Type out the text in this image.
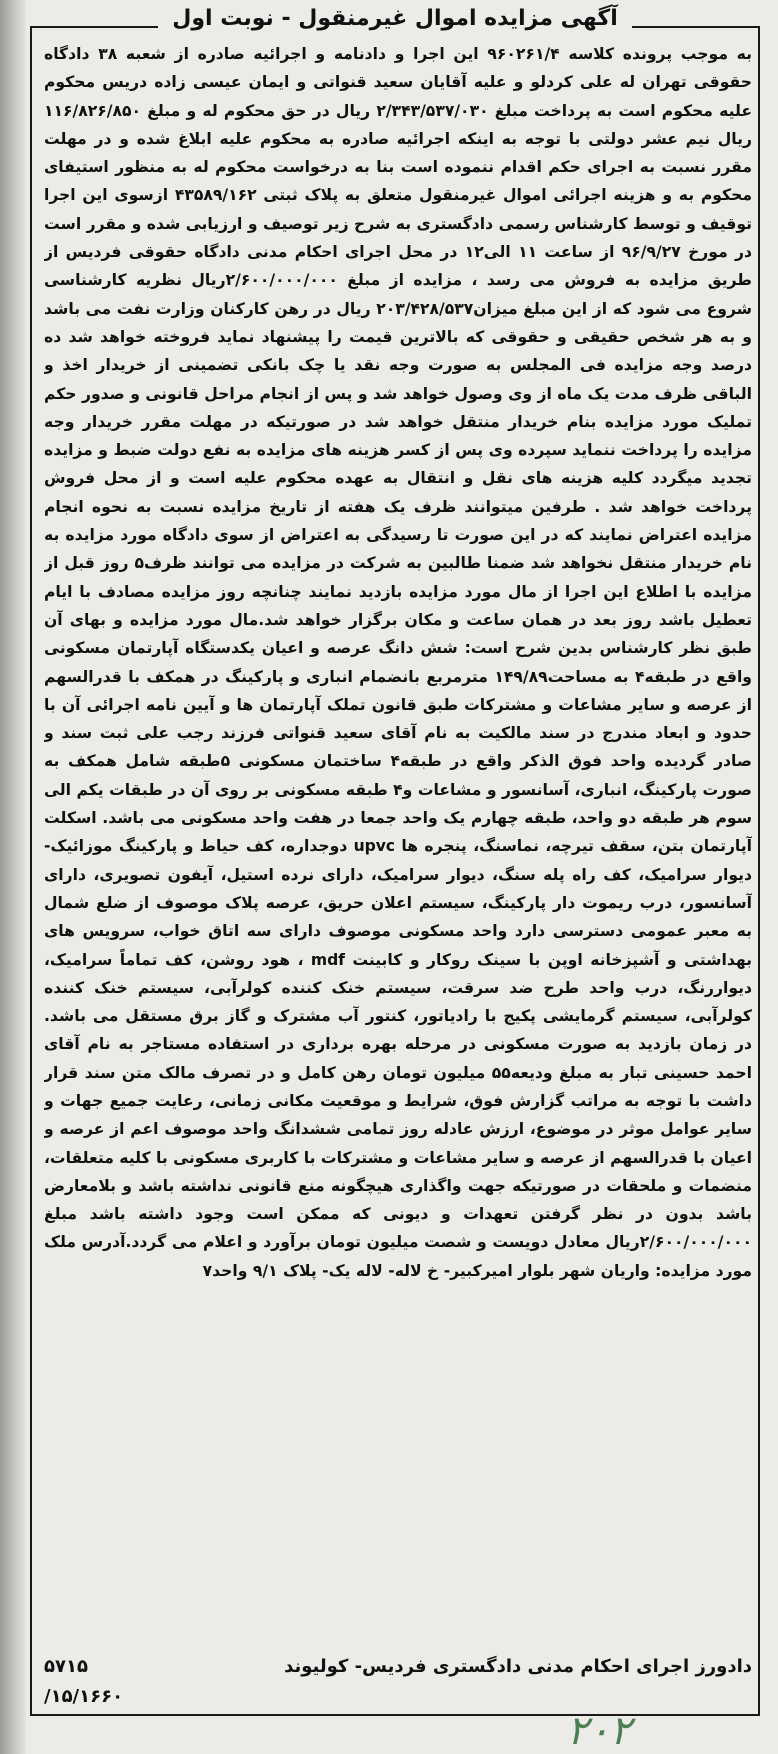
آگهی مزایده اموال غیرمنقول - نوبت اول

به موجب پرونده کلاسه ۹۶۰۲۶۱/۴ این اجرا و دادنامه و اجرائیه صادره از شعبه ۳۸ دادگاه حقوقی تهران له علی کردلو و علیه آقایان سعید قنواتی و ایمان عیسی زاده دریس محکوم علیه محکوم است به پرداخت مبلغ ۲/۳۴۳/۵۳۷/۰۳۰ ریال در حق محکوم له و مبلغ ۱۱۶/۸۲۶/۸۵۰ ریال نیم عشر دولتی با توجه به اینکه اجرائیه صادره به محکوم علیه ابلاغ شده و در مهلت مقرر نسبت به اجرای حکم اقدام ننموده است بنا به درخواست محکوم له به منظور استیفای محکوم به و هزینه اجرائی اموال غیرمنقول متعلق به پلاک ثبتی ۴۳۵۸۹/۱۶۲ ازسوی این اجرا توقیف و توسط کارشناس رسمی دادگستری به شرح زیر توصیف و ارزیابی شده و مقرر است در مورخ ۹۶/۹/۲۷ از ساعت ۱۱ الی۱۲ در محل اجرای احکام مدنی دادگاه حقوقی فردیس از طریق مزایده به فروش می رسد ، مزایده از مبلغ ۲/۶۰۰/۰۰۰/۰۰۰ریال نظریه کارشناسی شروع می شود که از این مبلغ میزان۲۰۳/۴۲۸/۵۳۷ ریال در رهن کارکنان وزارت نفت می باشد و به هر شخص حقیقی و حقوقی که بالاترین قیمت را پیشنهاد نماید فروخته خواهد شد ده درصد وجه مزایده فی المجلس به صورت وجه نقد یا چک بانکی تضمینی از خریدار اخذ و الباقی ظرف مدت یک ماه از وی وصول خواهد شد و پس از انجام مراحل قانونی و صدور حکم تملیک مورد مزایده بنام خریدار منتقل خواهد شد در صورتیکه در مهلت مقرر خریدار وجه مزایده را پرداخت ننماید سپرده وی پس از کسر هزینه های مزایده به نفع دولت ضبط و مزایده تجدید میگردد کلیه هزینه های نقل و انتقال به عهده محکوم علیه است و از محل فروش پرداخت خواهد شد . طرفین میتوانند ظرف یک هفته از تاریخ مزایده نسبت به نحوه انجام مزایده اعتراض نمایند که در این صورت تا رسیدگی به اعتراض از سوی دادگاه مورد مزایده به نام خریدار منتقل نخواهد شد ضمنا طالبین به شرکت در مزایده می توانند ظرف۵ روز قبل از مزایده با اطلاع این اجرا از مال مورد مزایده بازدید نمایند چنانچه روز مزایده مصادف با ایام تعطیل باشد روز بعد در همان ساعت و مکان برگزار خواهد شد.مال مورد مزایده و بهای آن طبق نظر کارشناس بدین شرح است: شش دانگ عرصه و اعیان یکدستگاه آپارتمان مسکونی واقع در طبقه۴ به مساحت۱۴۹/۸۹ مترمربع بانضمام انباری و پارکینگ در همکف با قدرالسهم از عرصه و سایر مشاعات و مشترکات طبق قانون تملک آپارتمان ها و آیین نامه اجرائی آن با حدود و ابعاد مندرج در سند مالکیت به نام آقای سعید قنواتی فرزند رجب علی ثبت سند و صادر گردیده واحد فوق الذکر واقع در طبقه۴ ساختمان مسکونی ۵طبقه شامل همکف به صورت پارکینگ، انباری، آسانسور و مشاعات و۴ طبقه مسکونی بر روی آن در طبقات یکم الی سوم هر طبقه دو واحد، طبقه چهارم یک واحد جمعا در هفت واحد مسکونی می باشد. اسکلت آپارتمان بتن، سقف تیرچه، نماسنگ، پنجره ها upvc دوجداره، کف حیاط و پارکینگ موزائیک- دیوار سرامیک، کف راه پله سنگ، دیوار سرامیک، دارای نرده استیل، آیفون تصویری، دارای آسانسور، درب ریموت دار پارکینگ، سیستم اعلان حریق، عرصه پلاک موصوف از ضلع شمال به معبر عمومی دسترسی دارد واحد مسکونی موصوف دارای سه اتاق خواب، سرویس های بهداشتی و آشپزخانه اوپن با سینک روکار و کابینت mdf ، هود روشن، کف تماماً سرامیک، دیواررنگ، درب واحد طرح ضد سرقت، سیستم خنک کننده کولرآبی، سیستم خنک کننده کولرآبی، سیستم گرمایشی پکیج با رادیاتور، کنتور آب مشترک و گاز برق مستقل می باشد. در زمان بازدید به صورت مسکونی در مرحله بهره برداری در استفاده مستاجر به نام آقای احمد حسینی تبار به مبلغ ودیعه۵۵ میلیون تومان رهن کامل و در تصرف مالک متن سند قرار داشت با توجه به مراتب گزارش فوق، شرایط و موقعیت مکانی زمانی، رعایت جمیع جهات و سایر عوامل موثر در موضوع، ارزش عادله روز تمامی ششدانگ واحد موصوف اعم از عرصه و اعیان با قدرالسهم از عرصه و سایر مشاعات و مشترکات با کاربری مسکونی با کلیه متعلقات، منضمات و ملحقات در صورتیکه جهت واگذاری هیچگونه منع قانونی نداشته باشد و بلامعارض باشد بدون در نظر گرفتن تعهدات و دیونی که ممکن است وجود داشته باشد مبلغ ۲/۶۰۰/۰۰۰/۰۰۰ریال معادل دویست و شصت میلیون تومان برآورد و اعلام می گردد.آدرس ملک مورد مزایده: واریان شهر بلوار امیرکبیر- خ لاله- لاله یک- پلاک ۹/۱ واحد۷

دادورز اجرای احکام مدنی دادگستری فردیس- کولیوند
۵۷۱۵
۱۵/۱۶۶۰/
۲۰۲
